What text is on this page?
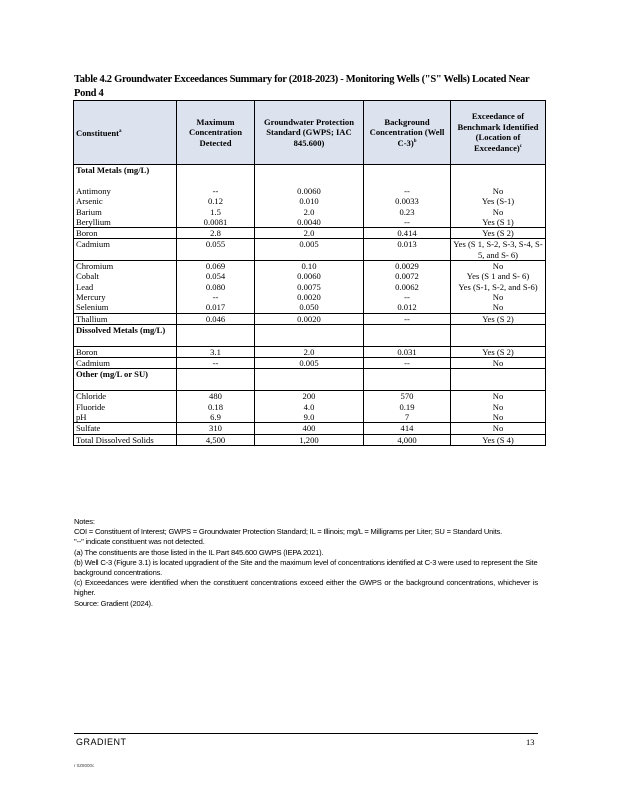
Table 4.2 Groundwater Exceedances Summary for (2018-2023) - Monitoring Wells ("S" Wells) Located Near Pond 4
Constituent$^a$	Maximum Concentration Detected	Groundwater Protection Standard (GWPS; IAC 845.600)	Background Concentration (Well C-3)$^b$	Exceedance of Benchmark Identified (Location of Exceedance)$^c$
Total Metals (mg/L)				
Antimony	--	0.0060	--	No
Arsenic	0.12	0.010	0.0033	Yes (S-1)
Barium	1.5	2.0	0.23	No
Beryllium	0.0081	0.0040	--	Yes (S 1)
Boron	2.8	2.0	0.414	Yes (S 2)
Cadmium	0.055	0.005	0.013	Yes (S 1, S-2, S-3, S-4, S-5, and S- 6)
Chromium	0.069	0.10	0.0029	No
Cobalt	0.054	0.0060	0.0072	Yes (S 1 and S- 6)
Lead	0.080	0.0075	0.0062	Yes (S-1, S-2, and S-6)
Mercury	--	0.0020	--	No
Selenium	0.017	0.050	0.012	No
Thallium	0.046	0.0020	--	Yes (S 2)
Dissolved Metals (mg/L)				
Boron	3.1	2.0	0.031	Yes (S 2)
Cadmium	--	0.005	--	No
Other (mg/L or SU)				
Chloride	480	200	570	No
Fluoride	0.18	4.0	0.19	No
pH	6.9	9.0	7	No
Sulfate	310	400	414	No
Total Dissolved Solids	4,500	1,200	4,000	Yes (S 4)
Notes:
COI = Constituent of Interest; GWPS = Groundwater Protection Standard; IL = Illinois; mg/L = Milligrams per Liter; SU = Standard Units.
"--" indicate constituent was not detected.
(a) The constituents are those listed in the IL Part 845.600 GWPS (IEPA 2021).
(b) Well C-3 (Figure 3.1) is located upgradient of the Site and the maximum level of concentrations identified at C-3 were used to represent the Site background concentrations.
(c) Exceedances were identified when the constituent concentrations exceed either the GWPS or the background concentrations, whichever is higher.
Source: Gradient (2024).
GRADIENT	13
r 0Z8000c
